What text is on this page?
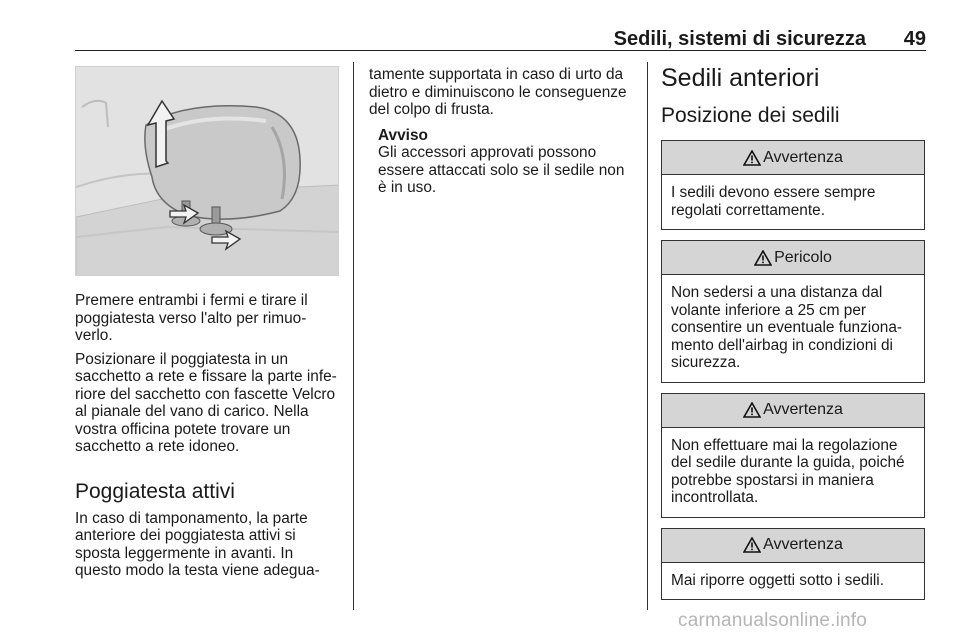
Sedili, sistemi di sicurezza 49

Premere entrambi i fermi e tirare il poggiatesta verso l'alto per rimuo-verlo.

Posizionare il poggiatesta in un sacchetto a rete e fissare la parte infe-riore del sacchetto con fascette Velcro al pianale del vano di carico. Nella vostra officina potete trovare un sacchetto a rete idoneo.

Poggiatesta attivi

In caso di tamponamento, la parte anteriore dei poggiatesta attivi si sposta leggermente in avanti. In questo modo la testa viene adegua-

tamente supportata in caso di urto da dietro e diminuiscono le conseguenze del colpo di frusta.

Avviso
Gli accessori approvati possono essere attaccati solo se il sedile non è in uso.
Sedili anteriori
Posizione dei sedili
Avvertenza
I sedili devono essere sempre regolati correttamente.
Pericolo
Non sedersi a una distanza dal volante inferiore a 25 cm per consentire un eventuale funziona-mento dell'airbag in condizioni di sicurezza.
Avvertenza
Non effettuare mai la regolazione del sedile durante la guida, poiché potrebbe spostarsi in maniera incontrollata.
Avvertenza
Mai riporre oggetti sotto i sedili.
carmanualsonline.info
